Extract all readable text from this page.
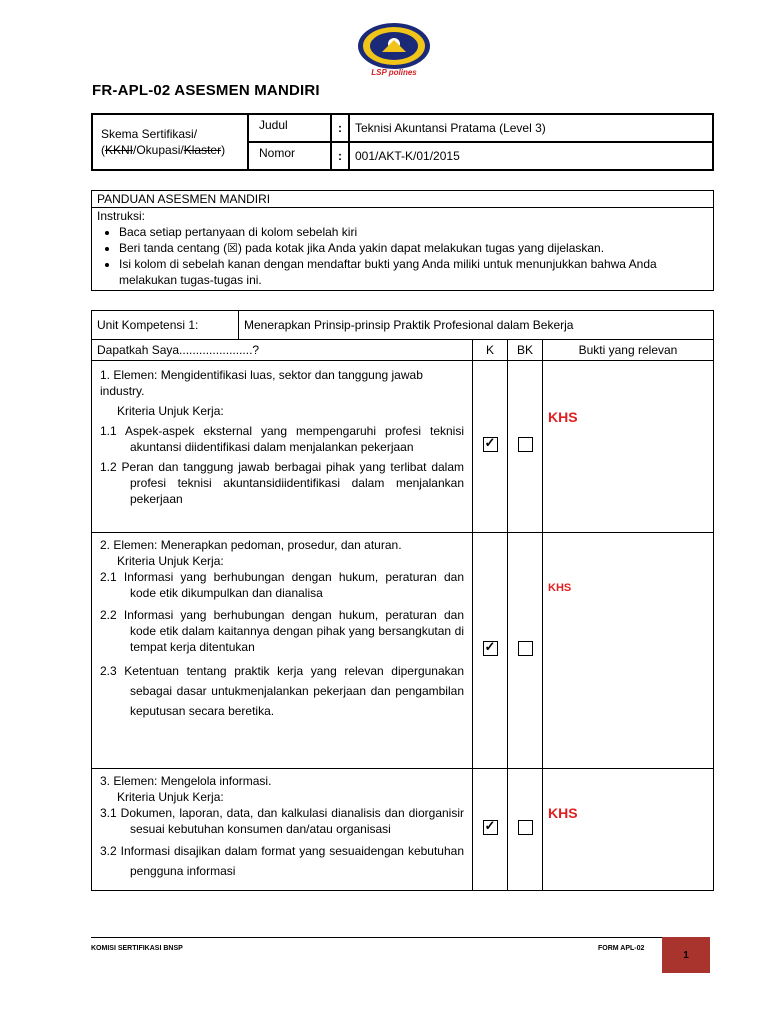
LSP polines
FR-APL-02 ASESMEN MANDIRI
Skema Sertifikasi/
(KKNI/Okupasi/Klaster)	Judul	:	Teknisi Akuntansi Pratama (Level 3)
	Nomor	:	001/AKT-K/01/2015
PANDUAN ASESMEN MANDIRI

Instruksi:
• Baca setiap pertanyaan di kolom sebelah kiri
• Beri tanda centang (☒) pada kotak jika Anda yakin dapat melakukan tugas yang dijelaskan.
• Isi kolom di sebelah kanan dengan mendaftar bukti yang Anda miliki untuk menunjukkan bahwa Anda melakukan tugas-tugas ini.
Unit Kompetensi 1:	Menerapkan Prinsip-prinsip Praktik Profesional dalam Bekerja			
Dapatkah Saya......................?		K	BK	Bukti yang relevan

1. Elemen: Mengidentifikasi luas, sektor dan tanggung jawab industry.
Kriteria Unjuk Kerja:
1.1 Aspek-aspek eksternal yang mempengaruhi profesi teknisi akuntansi diidentifikasi dalam menjalankan pekerjaan
1.2 Peran dan tanggung jawab berbagai pihak yang terlibat dalam profesi teknisi akuntansidiidentifikasi dalam menjalankan pekerjaan
	✓			KHS

2. Elemen: Menerapkan pedoman, prosedur, dan aturan.
Kriteria Unjuk Kerja:
2.1 Informasi yang berhubungan dengan hukum, peraturan dan kode etik dikumpulkan dan dianalisa
2.2 Informasi yang berhubungan dengan hukum, peraturan dan kode etik dalam kaitannya dengan pihak yang bersangkutan di tempat kerja ditentukan
2.3 Ketentuan tentang praktik kerja yang relevan dipergunakan sebagai dasar untukmenjalankan pekerjaan dan pengambilan keputusan secara beretika.
	✓			KHS

3. Elemen: Mengelola informasi.
Kriteria Unjuk Kerja:
3.1 Dokumen, laporan, data, dan kalkulasi dianalisis dan diorganisir sesuai kebutuhan konsumen dan/atau organisasi
3.2 Informasi disajikan dalam format yang sesuaidengan kebutuhan pengguna informasi
	✓			KHS
KOMISI SERTIFIKASI BNSP	FORM APL-02
1
